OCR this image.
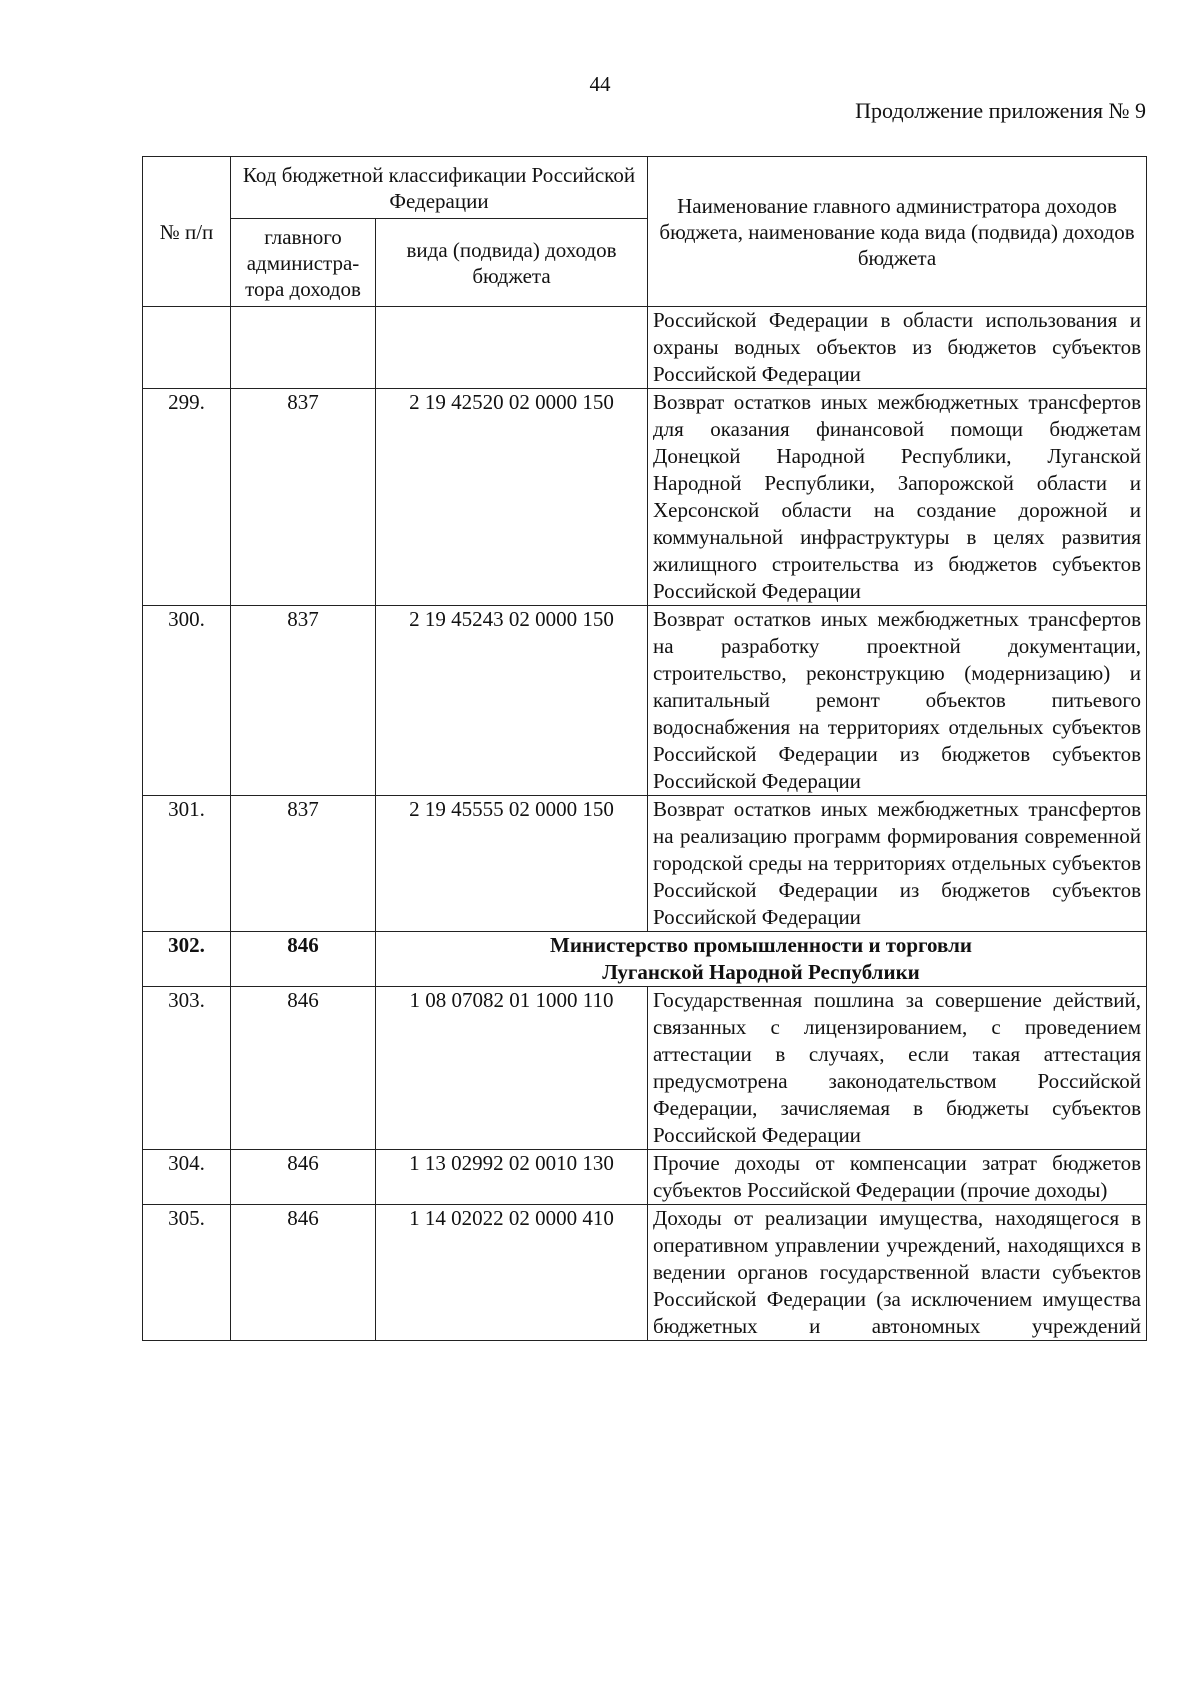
44
Продолжение приложения № 9
№ п/п	Код бюджетной классификации Российской Федерации		Наименование главного администратора доходов бюджета, наименование кода вида (подвида) доходов бюджета
	главного администра-тора доходов	вида (подвида) доходов бюджета	
			Российской Федерации в области использования и охраны водных объектов из бюджетов субъектов Российской Федерации
299.	837	2 19 42520 02 0000 150	Возврат остатков иных межбюджетных трансфертов для оказания финансовой помощи бюджетам Донецкой Народной Республики, Луганской Народной Республики, Запорожской области и Херсонской области на создание дорожной и коммунальной инфраструктуры в целях развития жилищного строительства из бюджетов субъектов Российской Федерации
300.	837	2 19 45243 02 0000 150	Возврат остатков иных межбюджетных трансфертов на разработку проектной документации, строительство, реконструкцию (модернизацию) и капитальный ремонт объектов питьевого водоснабжения на территориях отдельных субъектов Российской Федерации из бюджетов субъектов Российской Федерации
301.	837	2 19 45555 02 0000 150	Возврат остатков иных межбюджетных трансфертов на реализацию программ формирования современной городской среды на территориях отдельных субъектов Российской Федерации из бюджетов субъектов Российской Федерации
302.	846	Министерство промышленности и торговли
Луганской Народной Республики	

303.	846	1 08 07082 01 1000 110	Государственная пошлина за совершение действий, связанных с лицензированием, с проведением аттестации в случаях, если такая аттестация предусмотрена законодательством Российской Федерации, зачисляемая в бюджеты субъектов Российской Федерации
304.	846	1 13 02992 02 0010 130	Прочие доходы от компенсации затрат бюджетов субъектов Российской Федерации (прочие доходы)
305.	846	1 14 02022 02 0000 410	Доходы от реализации имущества, находящегося в оперативном управлении учреждений, находящихся в ведении органов государственной власти субъектов Российской Федерации (за исключением имущества бюджетных и автономных учреждений
